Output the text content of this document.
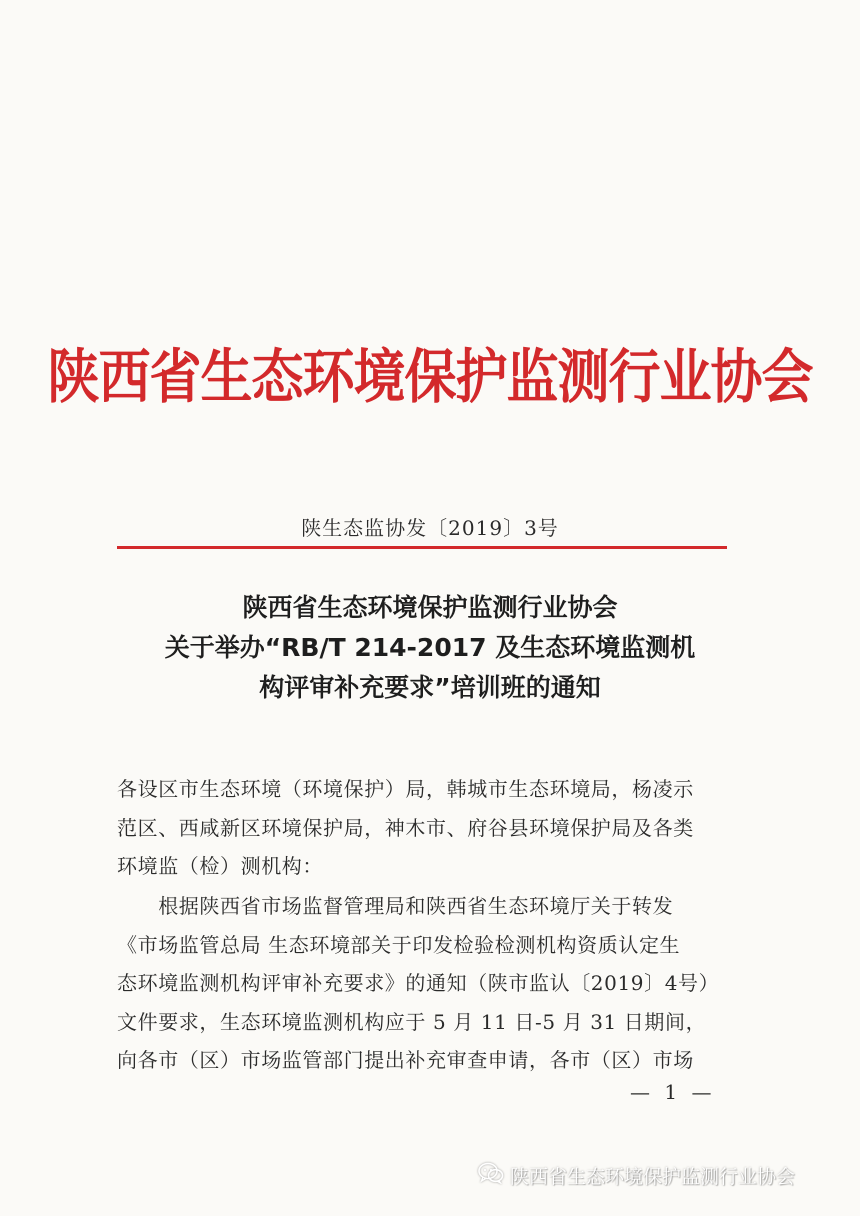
陕西省生态环境保护监测行业协会
陕生态监协发〔2019〕3号
陕西省生态环境保护监测行业协会
关于举办“RB/T 214-2017 及生态环境监测机
构评审补充要求”培训班的通知
各设区市生态环境（环境保护）局，韩城市生态环境局，杨凌示
范区、西咸新区环境保护局，神木市、府谷县环境保护局及各类
环境监（检）测机构：
　　根据陕西省市场监督管理局和陕西省生态环境厅关于转发
《市场监管总局 生态环境部关于印发检验检测机构资质认定生
态环境监测机构评审补充要求》的通知（陕市监认〔2019〕4号）
文件要求，生态环境监测机构应于 5 月 11 日-5 月 31 日期间，
向各市（区）市场监管部门提出补充审查申请，各市（区）市场
— 1 —
陕西省生态环境保护监测行业协会
